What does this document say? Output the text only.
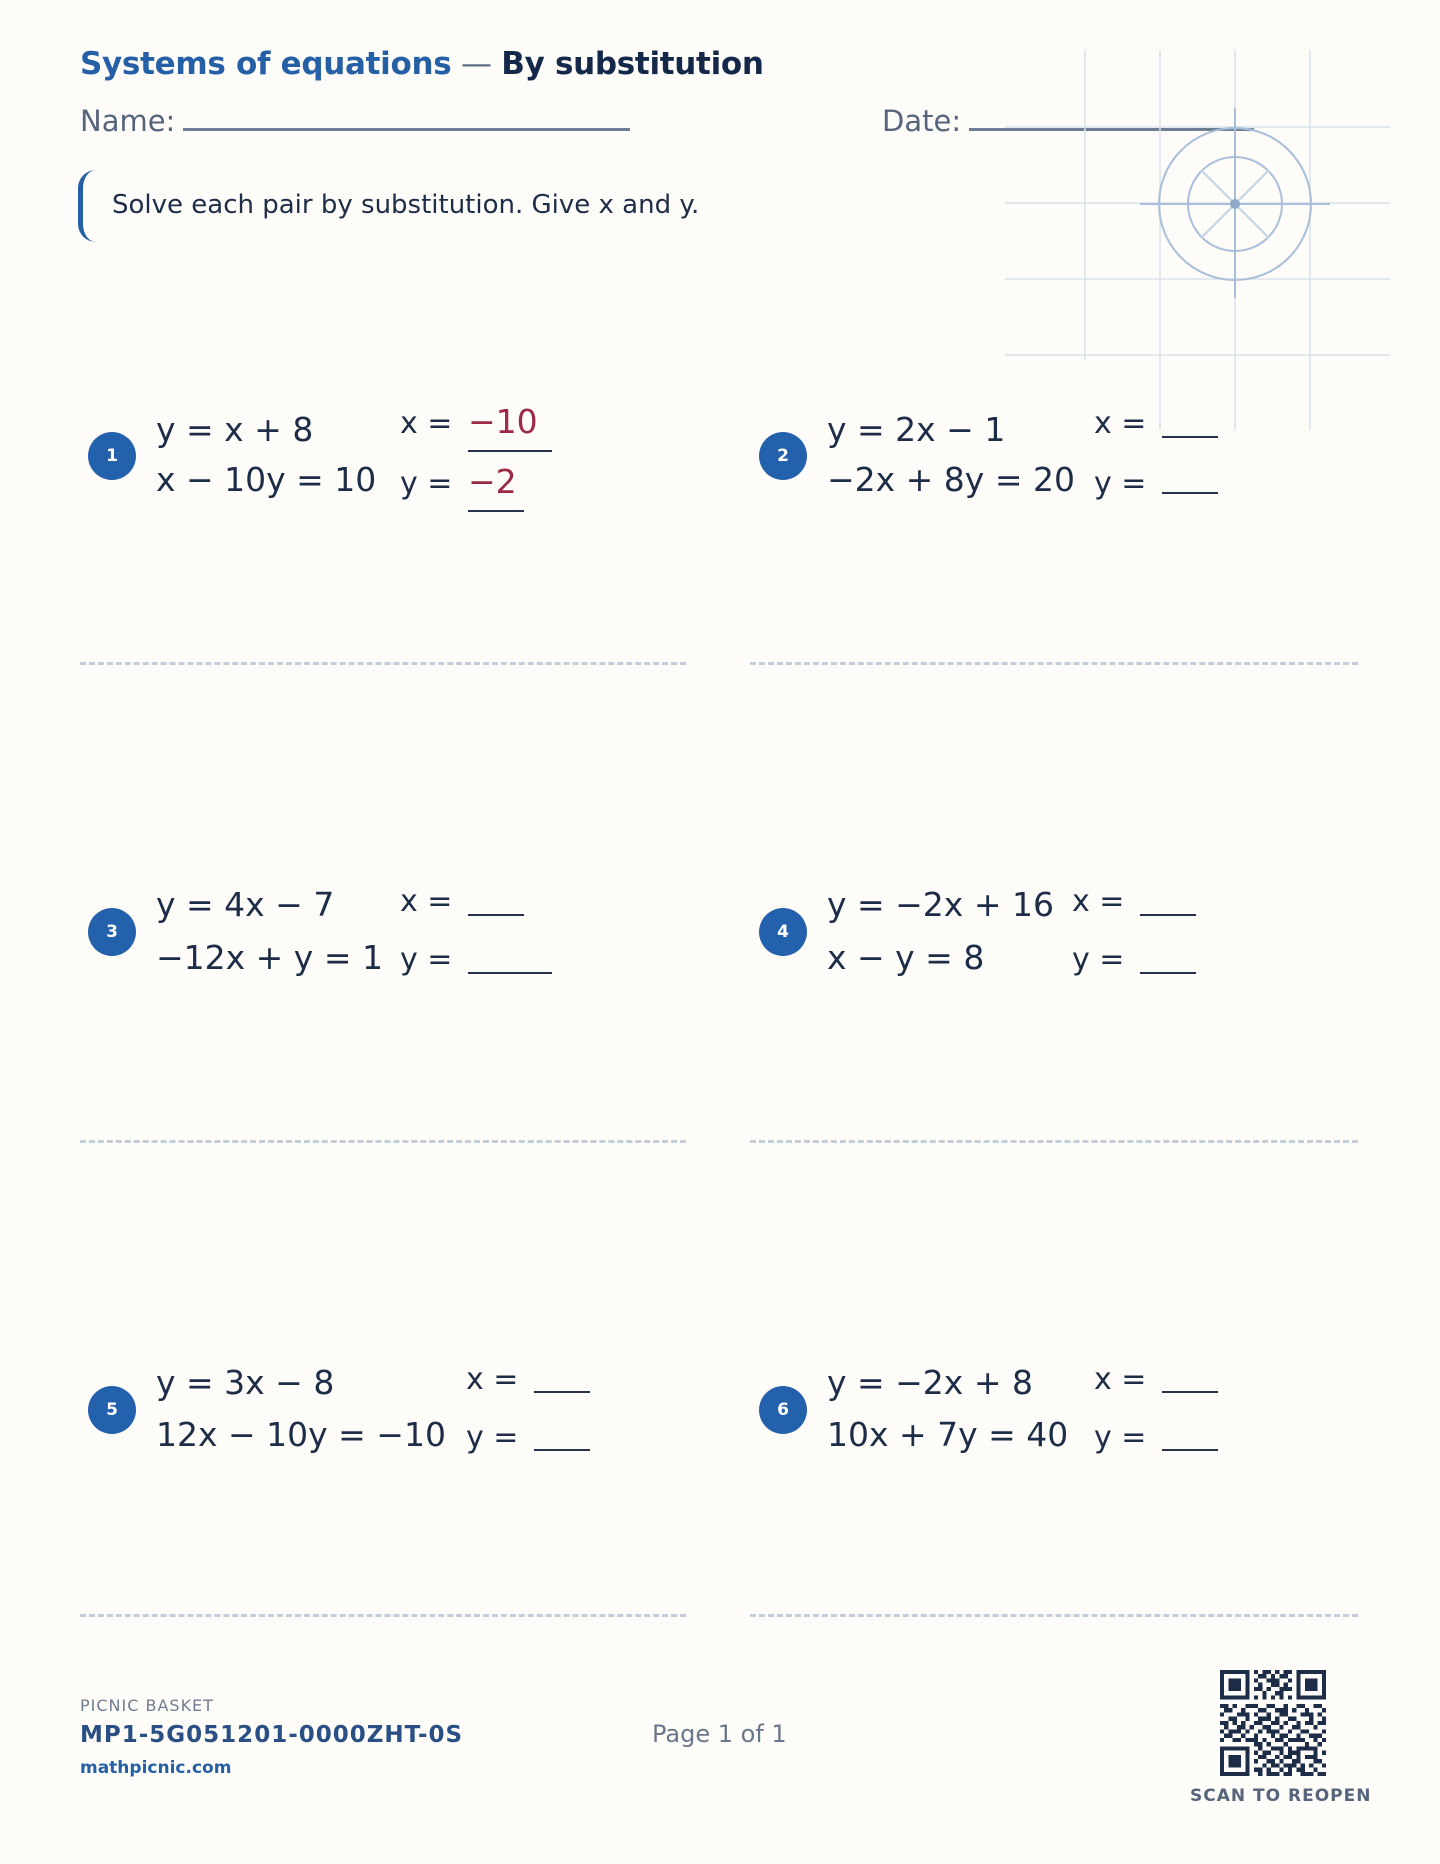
Systems of equations — By substitution
Name:	Date:
Solve each pair by substitution. Give x and y.
1
y = x + 8
x − 10y = 10
x = −10
y = −2
2
y = 2x − 1
−2x + 8y = 20
x =
y =
3
y = 4x − 7
−12x + y = 1
x =
y =
4
y = −2x + 16
x − y = 8
x =
y =
5
y = 3x − 8
12x − 10y = −10
x =
y =
6
y = −2x + 8
10x + 7y = 40
x =
y =
PICNIC BASKET
MP1-5G051201-0000ZHT-0S
mathpicnic.com
Page 1 of 1
SCAN TO REOPEN
